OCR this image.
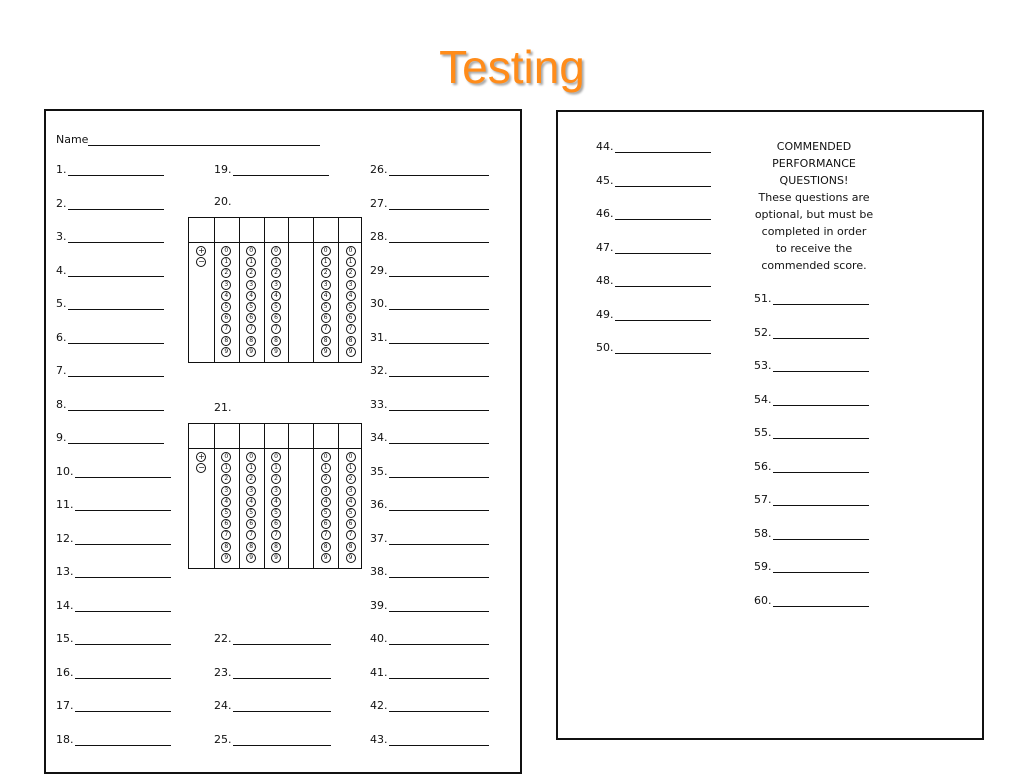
Testing
Name
1.
2.
3.
4.
5.
6.
7.
8.
9.
10.
11.
12.
13.
14.
15.
16.
17.
18.
19.
22.
23.
24.
25.
26.
27.
28.
29.
30.
31.
32.
33.
34.
35.
36.
37.
38.
39.
40.
41.
42.
43.
20.
21.
+
−
0
1
2
3
4
5
6
7
8
9
0
1
2
3
4
5
6
7
8
9
0
1
2
3
4
5
6
7
8
9
0
1
2
3
4
5
6
7
8
9
0
1
2
3
4
5
6
7
8
9
+
−
0
1
2
3
4
5
6
7
8
9
0
1
2
3
4
5
6
7
8
9
0
1
2
3
4
5
6
7
8
9
0
1
2
3
4
5
6
7
8
9
0
1
2
3
4
5
6
7
8
9
44.
45.
46.
47.
48.
49.
50.
51.
52.
53.
54.
55.
56.
57.
58.
59.
60.
COMMENDED
PERFORMANCE
QUESTIONS!
These questions are
optional, but must be
completed in order
to receive the
commended score.
